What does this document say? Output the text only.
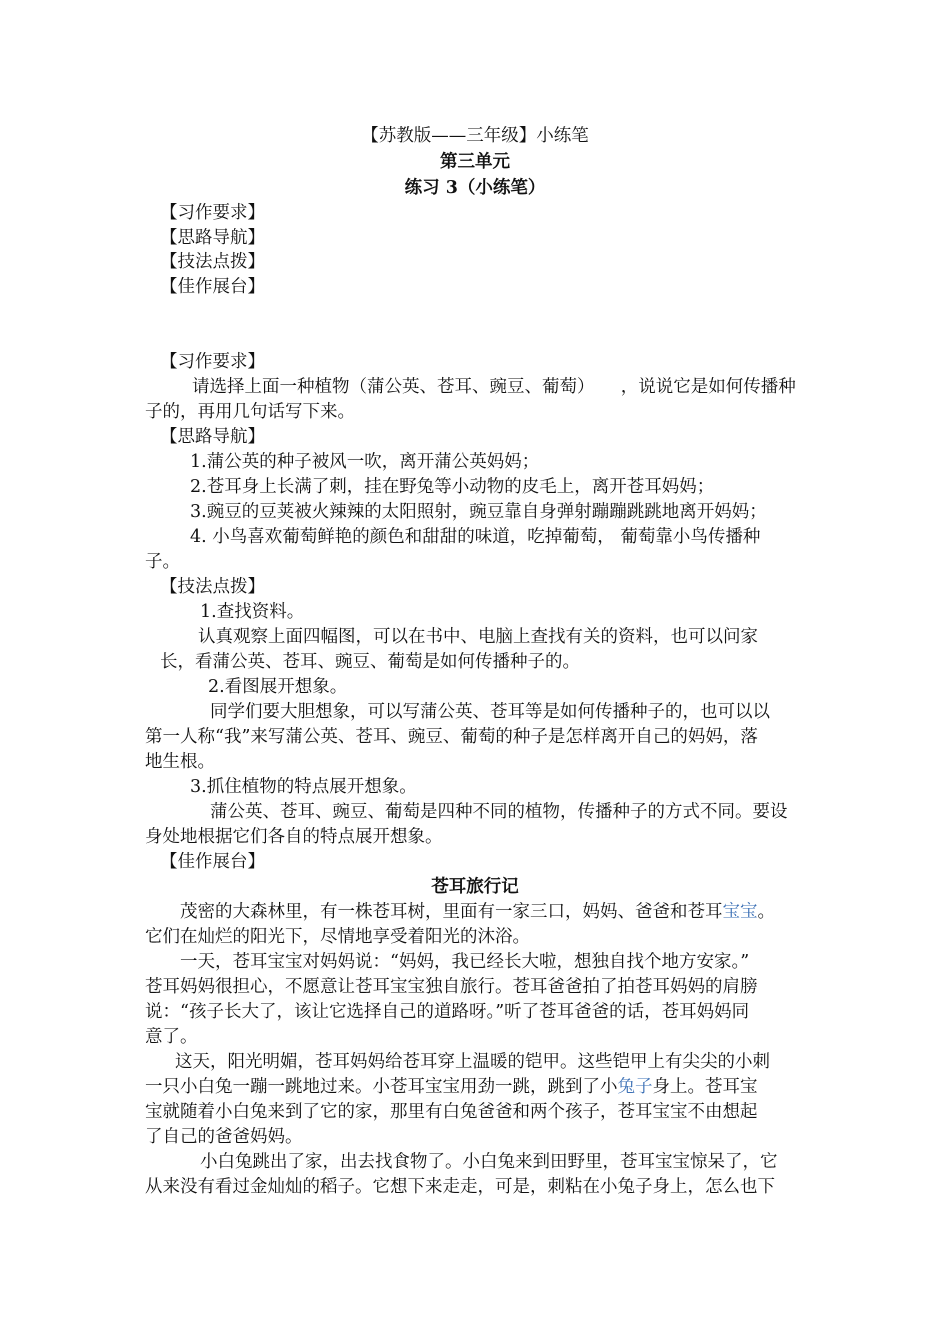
【苏教版——三年级】小练笔
第三单元
练习 3（小练笔）
【习作要求】
【思路导航】
【技法点拨】
【佳作展台】
【习作要求】
请选择上面一种植物（蒲公英、苍耳、豌豆、葡萄）　　，说说它是如何传播种
子的，再用几句话写下来。
【思路导航】
1.蒲公英的种子被风一吹，离开蒲公英妈妈；
2.苍耳身上长满了刺，挂在野兔等小动物的皮毛上，离开苍耳妈妈；
3.豌豆的豆荚被火辣辣的太阳照射，豌豆靠自身弹射蹦蹦跳跳地离开妈妈；
4. 小鸟喜欢葡萄鲜艳的颜色和甜甜的味道，吃掉葡萄， 葡萄靠小鸟传播种
子。
【技法点拨】
1.查找资料。
认真观察上面四幅图，可以在书中、电脑上查找有关的资料，也可以问家
长，看蒲公英、苍耳、豌豆、葡萄是如何传播种子的。
2.看图展开想象。
同学们要大胆想象，可以写蒲公英、苍耳等是如何传播种子的，也可以以
第一人称“我”来写蒲公英、苍耳、豌豆、葡萄的种子是怎样离开自己的妈妈，落
地生根。
3.抓住植物的特点展开想象。
蒲公英、苍耳、豌豆、葡萄是四种不同的植物，传播种子的方式不同。要设
身处地根据它们各自的特点展开想象。
【佳作展台】
苍耳旅行记
茂密的大森林里，有一株苍耳树，里面有一家三口，妈妈、爸爸和苍耳宝宝。
它们在灿烂的阳光下，尽情地享受着阳光的沐浴。
一天，苍耳宝宝对妈妈说：“妈妈，我已经长大啦，想独自找个地方安家。”
苍耳妈妈很担心，不愿意让苍耳宝宝独自旅行。苍耳爸爸拍了拍苍耳妈妈的肩膀
说：“孩子长大了，该让它选择自己的道路呀。”听了苍耳爸爸的话，苍耳妈妈同
意了。
这天，阳光明媚，苍耳妈妈给苍耳穿上温暖的铠甲。这些铠甲上有尖尖的小刺
一只小白兔一蹦一跳地过来。小苍耳宝宝用劲一跳，跳到了小兔子身上。苍耳宝
宝就随着小白兔来到了它的家，那里有白兔爸爸和两个孩子，苍耳宝宝不由想起
了自己的爸爸妈妈。
小白兔跳出了家，出去找食物了。小白兔来到田野里，苍耳宝宝惊呆了，它
从来没有看过金灿灿的稻子。它想下来走走，可是，刺粘在小兔子身上，怎么也下
